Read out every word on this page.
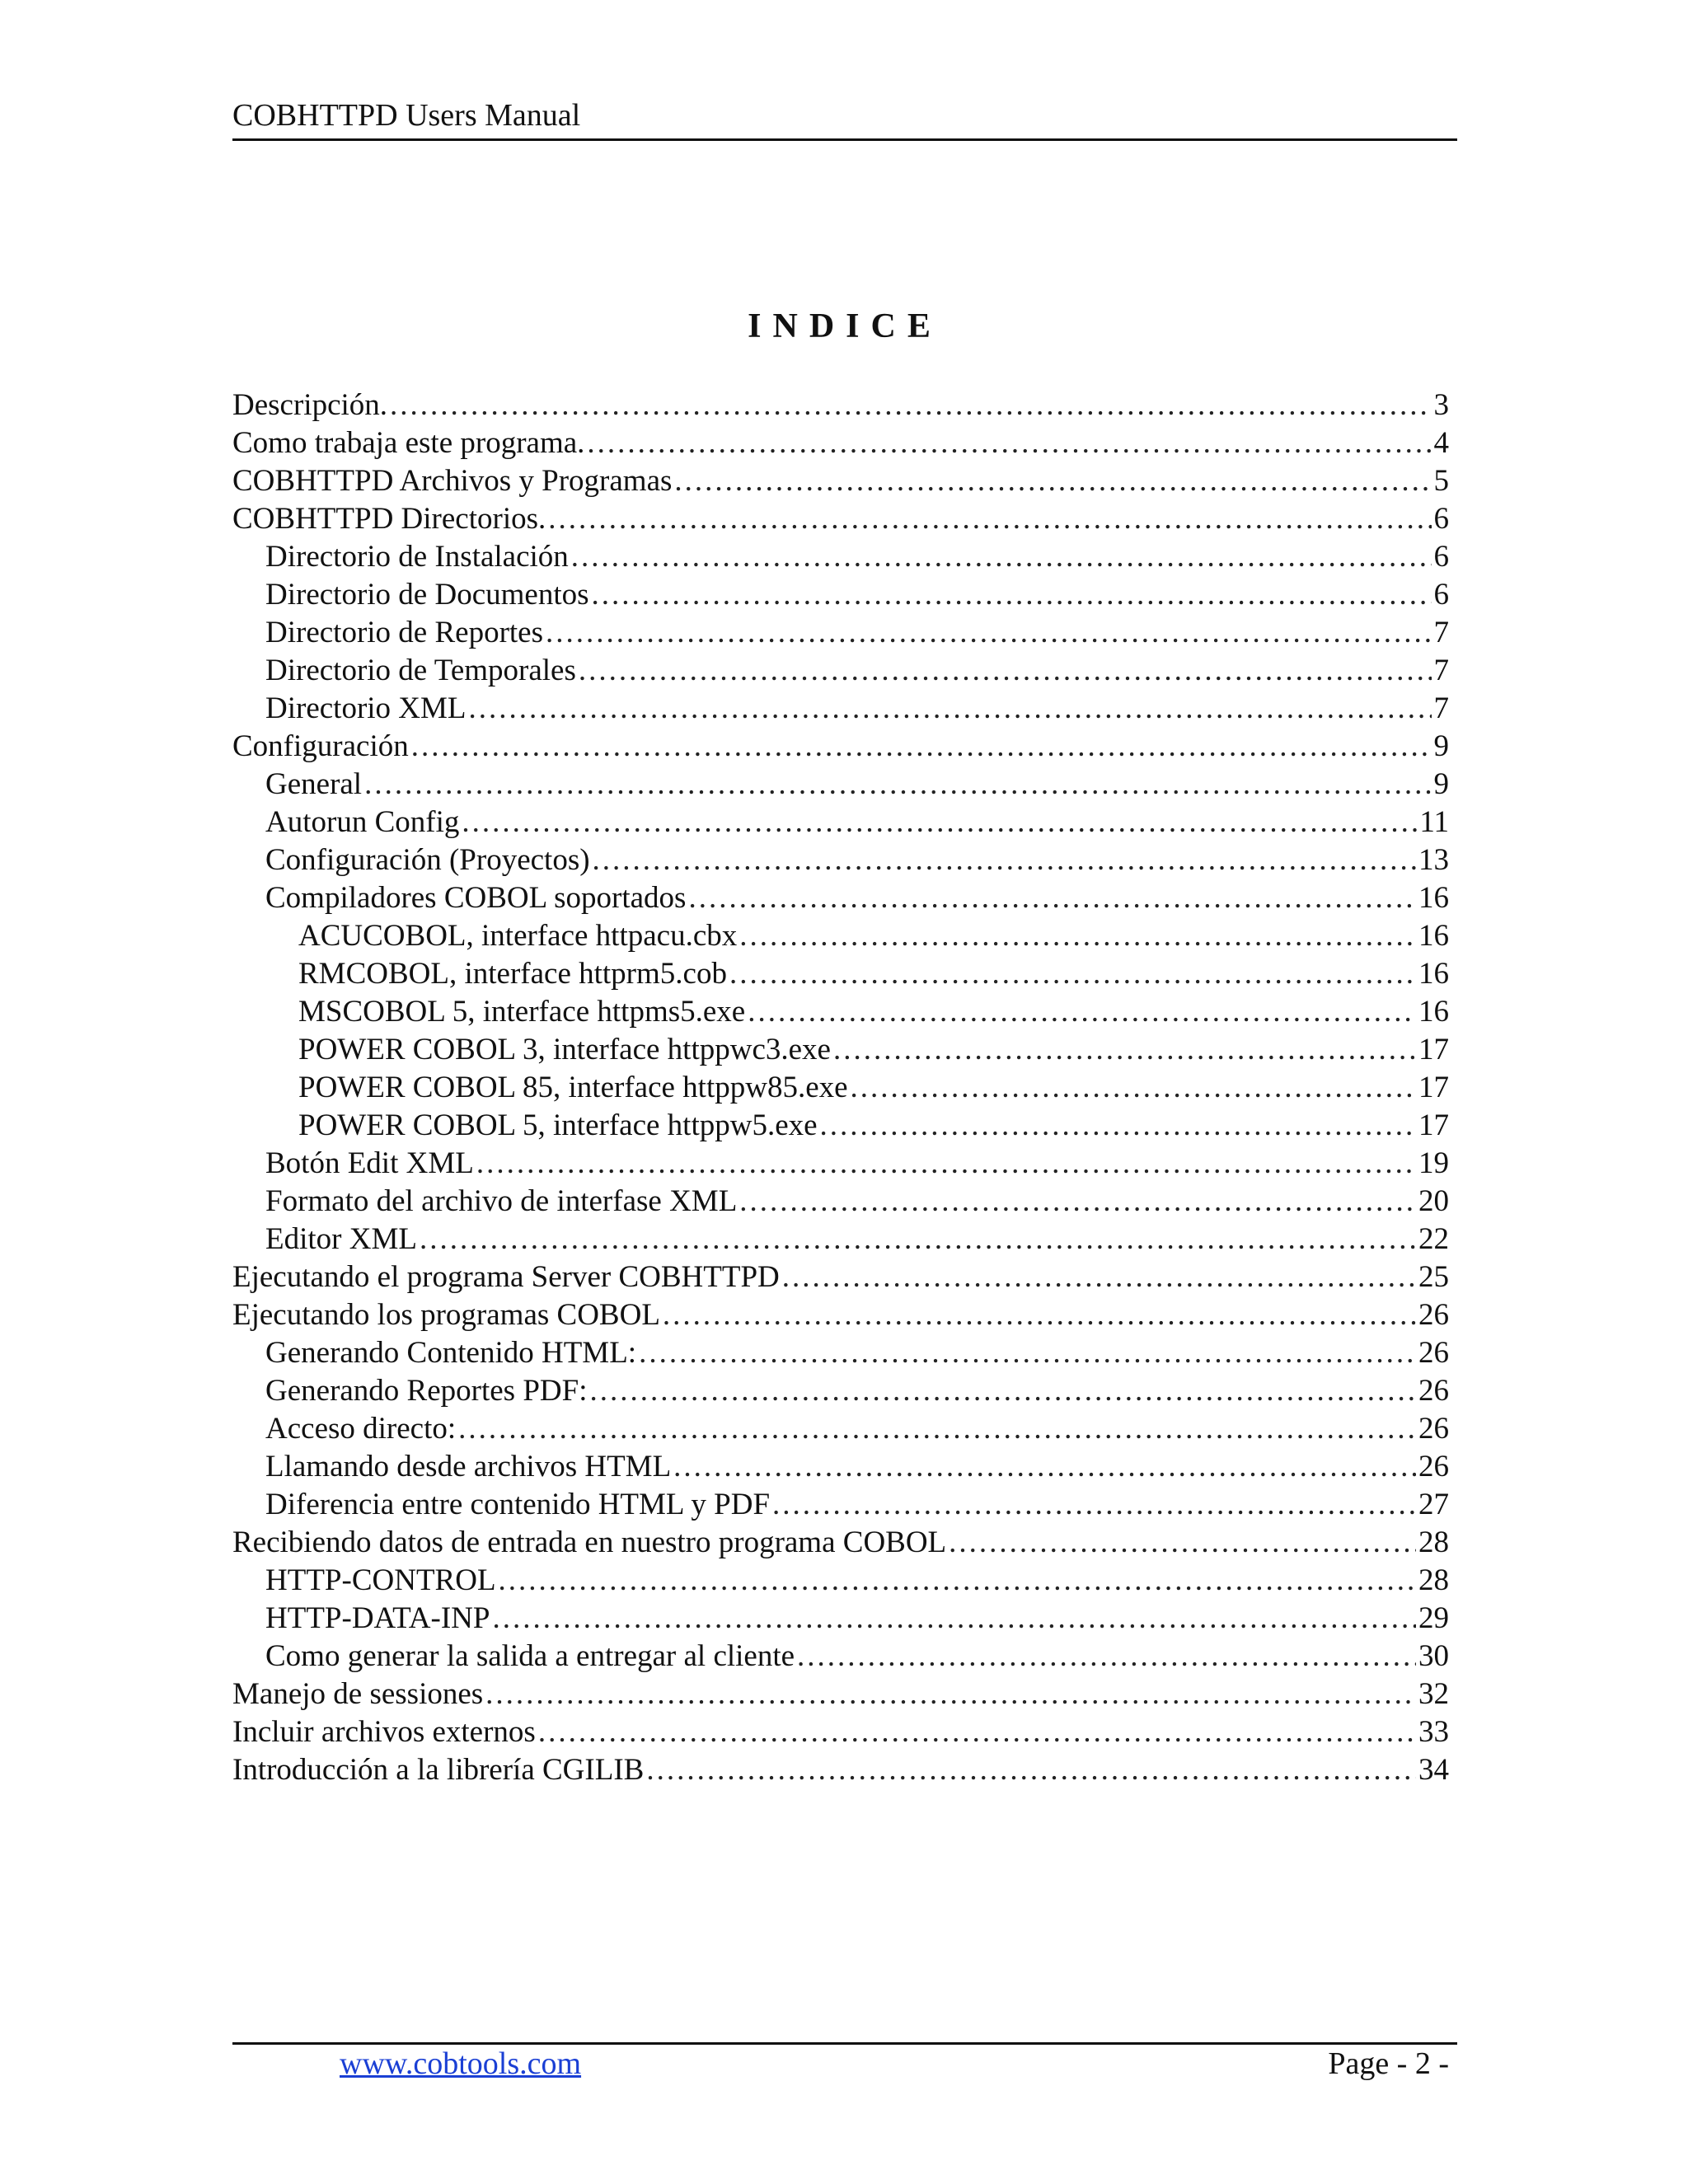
COBHTTPD Users Manual
INDICE
Descripción. .....	3
Como trabaja este programa. .....	4
COBHTTPD Archivos y Programas .....	5
COBHTTPD Directorios. .....	6
Directorio de Instalación .....	6
Directorio de Documentos .....	6
Directorio de Reportes .....	7
Directorio de Temporales .....	7
Directorio XML .....	7
Configuración .....	9
General .....	9
Autorun Config .....	11
Configuración (Proyectos) .....	13
Compiladores COBOL soportados .....	16
ACUCOBOL, interface httpacu.cbx .....	16
RMCOBOL, interface httprm5.cob .....	16
MSCOBOL 5, interface httpms5.exe .....	16
POWER COBOL 3, interface httppwc3.exe .....	17
POWER COBOL 85, interface httppw85.exe .....	17
POWER COBOL 5, interface httppw5.exe .....	17
Botón Edit XML .....	19
Formato del archivo de interfase XML .....	20
Editor XML .....	22
Ejecutando el programa Server COBHTTPD .....	25
Ejecutando los programas COBOL .....	26
Generando Contenido HTML: .....	26
Generando Reportes PDF: .....	26
Acceso directo: .....	26
Llamando desde archivos HTML .....	26
Diferencia entre contenido HTML y PDF .....	27
Recibiendo datos de entrada en nuestro programa COBOL .....	28
HTTP-CONTROL .....	28
HTTP-DATA-INP .....	29
Como generar la salida a entregar al cliente .....	30
Manejo de sessiones .....	32
Incluir archivos externos .....	33
Introducción a la librería CGILIB .....	34
www.cobtools.com	Page - 2 -
